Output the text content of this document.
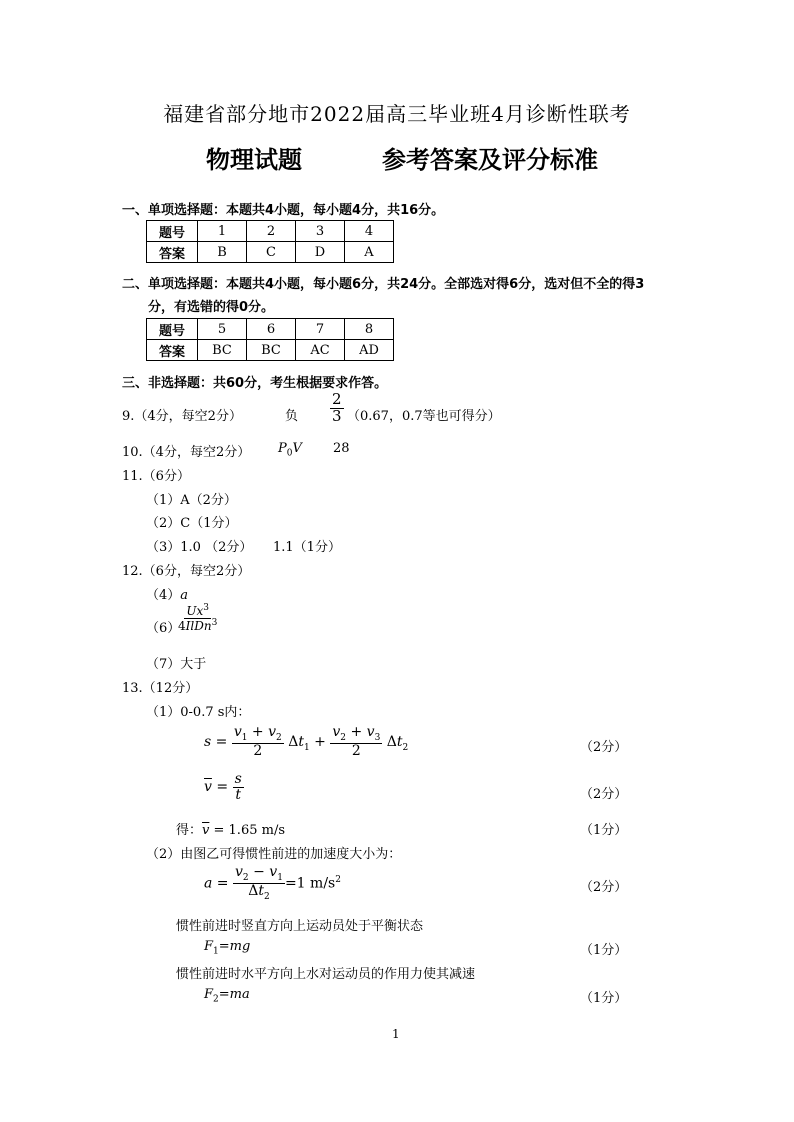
福建省部分地市2022届高三毕业班4月诊断性联考
物理试题	参考答案及评分标准
一、单项选择题：本题共4小题，每小题4分，共16分。
题号	1	2	3	4
答案	B	C	D	A
二、单项选择题：本题共4小题，每小题6分，共24分。全部选对得6分，选对但不全的得3
分，有选错的得0分。
题号	5	6	7	8
答案	BC	BC	AC	AD
三、非选择题：共60分，考生根据要求作答。
9.（4分，每空2分）	负 $\frac{2}{3} (0.67$，0.7等也可得分）
10.（4分，每空2分） $P_0V$ 28
11.（6分）
（1）A（2分）
（2）C（1分）
（3）1.0 （2分） 1.1（1分）
12.（6分，每空2分）
（4）a
（6）
$\frac{Ux^3}{4IlDn^3}$
（7）大于
13.（12分）
（1）0-0.7 s内：
$s = \frac{v_1 + v_2}{2} \Delta t_1 + \frac{v_2 + v_3}{2} \Delta t_2$	（2分）
$\overline{v} = \frac{s}{t}$	（2分）
得：$\overline{v} = 1.65$ m/s	（1分）
（2）由图乙可得惯性前进的加速度大小为：
$a = \frac{v_2 - v_1}{\Delta t_2} =1$ $m/s^2$	（2分）
惯性前进时竖直方向上运动员处于平衡状态
$F_1=mg$	（1分）
惯性前进时水平方向上水对运动员的作用力使其减速
$F_2=ma$	（1分）
1
